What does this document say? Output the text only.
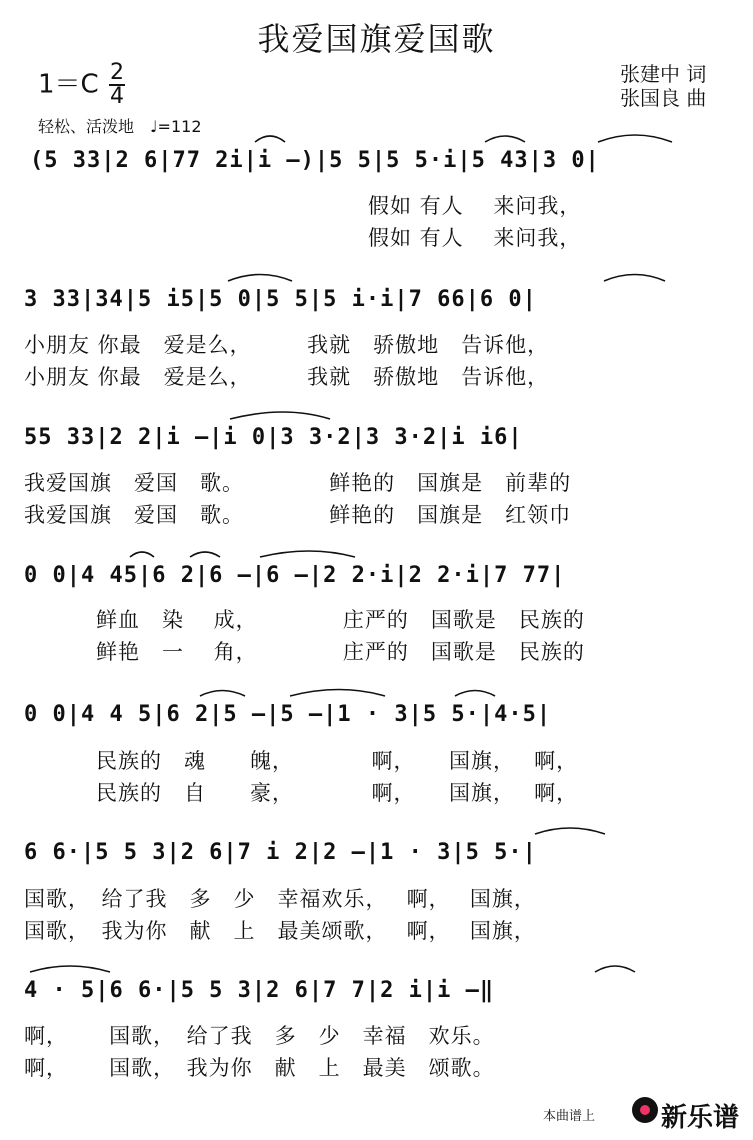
我爱国旗爱国歌
$1=C \frac{2}{4}$
轻松、活泼地　♩=112
张建中 词
张国良 曲
(5 33|2 6|77 2i|i —)|5 5|5 5·i|5 43|3 0|
假如 有人　 来问我，
假如 有人　 来问我，
3 33|34|5 i5|5 0|5 5|5 i·i|7 66|6 0|
小朋友 你最　爱是么，　　　我就　骄傲地　告诉他，
小朋友 你最　爱是么，　　　我就　骄傲地　告诉他，
55 33|2 2|i —|i 0|3 3·2|3 3·2|i i6|
我爱国旗　爱国　歌。　　　　 鲜艳的　国旗是　前辈的
我爱国旗　爱国　歌。　　　　 鲜艳的　国旗是　红领巾
0 0|4 45|6 2|6 —|6 —|2 2·i|2 2·i|7 77|
鲜血　染　 成，　　　　 庄严的　国歌是　民族的
鲜艳　一　 角，　　　　 庄严的　国歌是　民族的
0 0|4 4 5|6 2|5 —|5 —|1 · 3|5 5·|4·5|
民族的　魂　　魄，　　　　啊，　　国旗，　 啊，
民族的　自　　豪，　　　　啊，　　国旗，　 啊，
6 6·|5 5 3|2 6|7 i 2|2 —|1 · 3|5 5·|
国歌，　给了我　多　少　幸福欢乐，　 啊，　 国旗，
国歌，　我为你　献　上　最美颂歌，　 啊，　 国旗，
4 · 5|6 6·|5 5 3|2 6|7 7|2 i|i —‖
啊，　　 国歌，　给了我　多　少　幸福　欢乐。
啊，　　 国歌，　我为你　献　上　最美　颂歌。
本曲谱上	新乐谱
